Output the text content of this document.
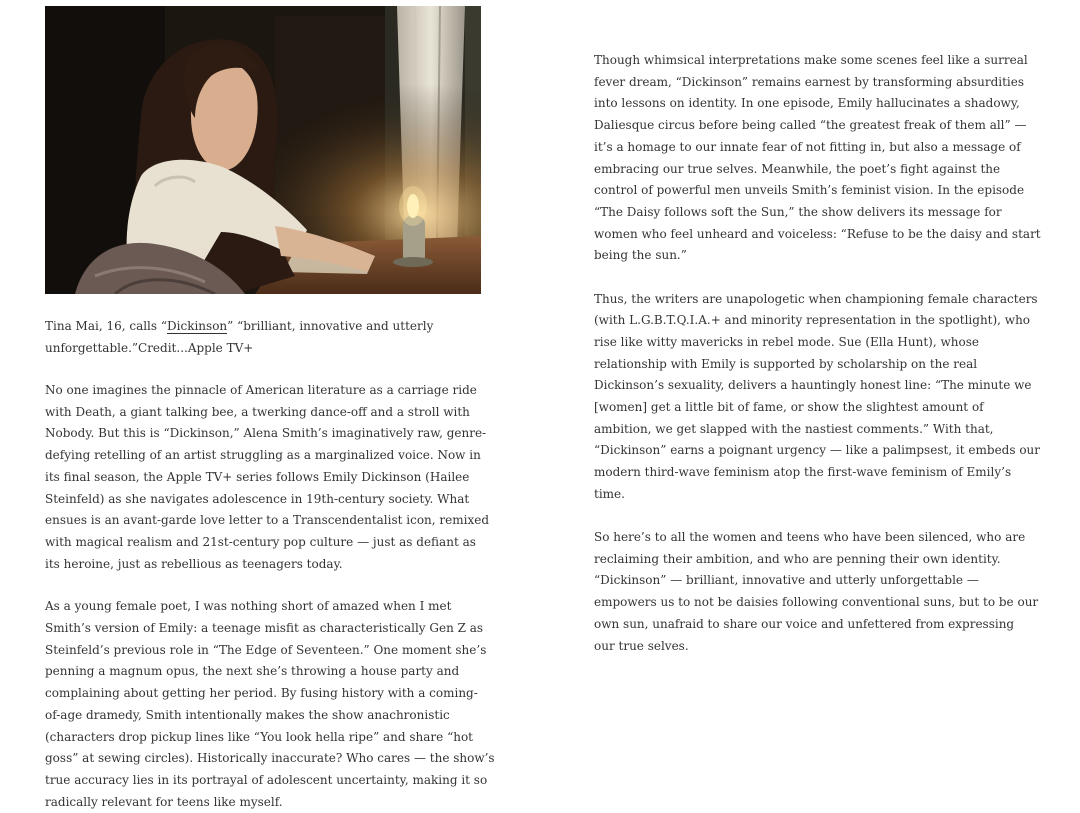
Tina Mai, 16, calls “Dickinson” “brilliant, innovative and utterly
unforgettable.”Credit...Apple TV+

No one imagines the pinnacle of American literature as a carriage ride
with Death, a giant talking bee, a twerking dance-off and a stroll with
Nobody. But this is “Dickinson,” Alena Smith’s imaginatively raw, genre-
defying retelling of an artist struggling as a marginalized voice. Now in
its final season, the Apple TV+ series follows Emily Dickinson (Hailee
Steinfeld) as she navigates adolescence in 19th-century society. What
ensues is an avant-garde love letter to a Transcendentalist icon, remixed
with magical realism and 21st-century pop culture — just as defiant as
its heroine, just as rebellious as teenagers today.

As a young female poet, I was nothing short of amazed when I met
Smith’s version of Emily: a teenage misfit as characteristically Gen Z as
Steinfeld’s previous role in “The Edge of Seventeen.” One moment she’s
penning a magnum opus, the next she’s throwing a house party and
complaining about getting her period. By fusing history with a coming-
of-age dramedy, Smith intentionally makes the show anachronistic
(characters drop pickup lines like “You look hella ripe” and share “hot
goss” at sewing circles). Historically inaccurate? Who cares — the show’s
true accuracy lies in its portrayal of adolescent uncertainty, making it so
radically relevant for teens like myself.

Though whimsical interpretations make some scenes feel like a surreal
fever dream, “Dickinson” remains earnest by transforming absurdities
into lessons on identity. In one episode, Emily hallucinates a shadowy,
Daliesque circus before being called “the greatest freak of them all” —
it’s a homage to our innate fear of not fitting in, but also a message of
embracing our true selves. Meanwhile, the poet’s fight against the
control of powerful men unveils Smith’s feminist vision. In the episode
“The Daisy follows soft the Sun,” the show delivers its message for
women who feel unheard and voiceless: “Refuse to be the daisy and start
being the sun.”

Thus, the writers are unapologetic when championing female characters
(with L.G.B.T.Q.I.A.+ and minority representation in the spotlight), who
rise like witty mavericks in rebel mode. Sue (Ella Hunt), whose
relationship with Emily is supported by scholarship on the real
Dickinson’s sexuality, delivers a hauntingly honest line: “The minute we
[women] get a little bit of fame, or show the slightest amount of
ambition, we get slapped with the nastiest comments.” With that,
“Dickinson” earns a poignant urgency — like a palimpsest, it embeds our
modern third-wave feminism atop the first-wave feminism of Emily’s
time.

So here’s to all the women and teens who have been silenced, who are
reclaiming their ambition, and who are penning their own identity.
“Dickinson” — brilliant, innovative and utterly unforgettable —
empowers us to not be daisies following conventional suns, but to be our
own sun, unafraid to share our voice and unfettered from expressing
our true selves.
